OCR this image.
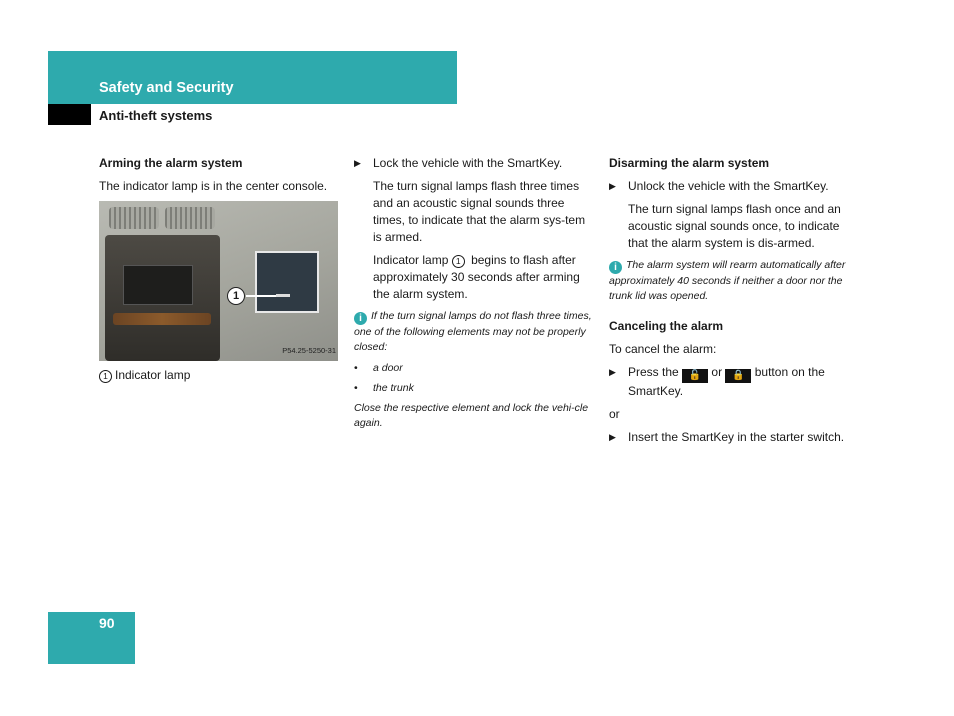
Safety and Security
Anti-theft systems
Arming the alarm system

The indicator lamp is in the center console.

1
P54.25-5250-31

1 Indicator lamp

▶ Lock the vehicle with the SmartKey.

The turn signal lamps flash three times and an acoustic signal sounds three times, to indicate that the alarm sys-tem is armed.

Indicator lamp 1 begins to flash after approximately 30 seconds after arming the alarm system.

i If the turn signal lamps do not flash three times, one of the following elements may not be properly closed:

• a door
• the trunk

Close the respective element and lock the vehi-cle again.

Disarming the alarm system
▶ Unlock the vehicle with the SmartKey.

The turn signal lamps flash once and an acoustic signal sounds once, to indicate that the alarm system is dis-armed.

i The alarm system will rearm automatically after approximately 40 seconds if neither a door nor the trunk lid was opened.

Canceling the alarm

To cancel the alarm:

▶ Press the 🔓 or 🔒 button on the SmartKey.

or

▶ Insert the SmartKey in the starter switch.
90
